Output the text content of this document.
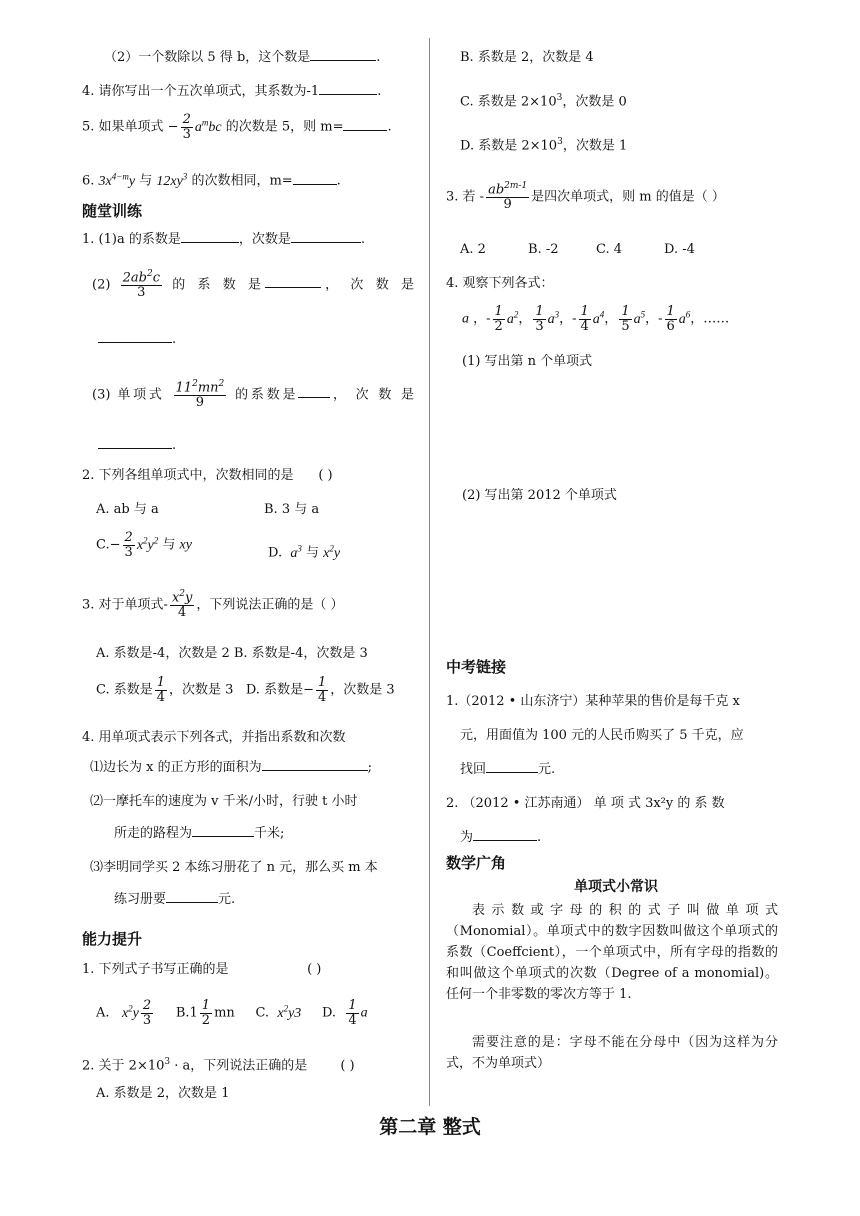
（2）一个数除以 5 得 b，这个数是	.
4. 请你写出一个五次单项式，其系数为-1	.
5. 如果单项式 − $\frac{2}{3} a^mbc$ 的次数是 5，则 m=	.
6. $3x^{4-m}y$ 与 $12xy^3$ 的次数相同，m=	.
随堂训练
1. (1)a 的系数是	，次数是	.
$(2) \frac{2ab^2c}{3}$ 的 系 数 是	， 次 数 是
.
(3) 单项式 $\frac{11^2mn^2}{9}$ 的系数是 ， 次 数 是
.
2. 下列各组单项式中，次数相同的是 ( )
A. ab 与 a	B. 3 与 a
$C.- \frac{2}{3} x^2y^2$ 与 xy
D. $a^3$ 与 $x^2y$
3. 对于单项式- $\frac{x^2y}{4}$ ，下列说法正确的是（ ）
A. 系数是-4，次数是 2 B. 系数是-4，次数是 3
C. 系数是 $\frac{1}{4}$ ，次数是 3 D. 系数是− $\frac{1}{4}$ ，次数是 3
4. 用单项式表示下列各式，并指出系数和次数
⑴边长为 x 的正方形的面积为	;
⑵一摩托车的速度为 v 千米/小时，行驶 t 小时
所走的路程为	千米;
⑶李明同学买 2 本练习册花了 n 元，那么买 m 本
练习册要	元.
能力提升
1. 下列式子书写正确的是	( )
A. $x^2y \frac{2}{3} B.1 \frac{1}{2}$ mn C. $x^2y3$ D. $\frac{1}{4}$ a
2. 关于 $2\times 10^3 \cdot a$，下列说法正确的是	( )
A. 系数是 2，次数是 1
B. 系数是 2，次数是 4
C. 系数是 $2\times 10^3$，次数是 0
D. 系数是 $2\times 10^3$，次数是 1
3. 若 - $\frac{ab^{2m-1}}{9}$ 是四次单项式，则 m 的值是（ ）
A. 2	B. -2	C. 4	D. -4
4. 观察下列各式：
a ，- $\frac{1}{2} a^2$， $\frac{1}{3} a^3$，- $\frac{1}{4} a^4$， $\frac{1}{5} a^5$，- $\frac{1}{6} a^6$，……
(1) 写出第 n 个单项式
(2) 写出第 2012 个单项式
中考链接
1.（2012 • 山东济宁）某种苹果的售价是每千克 x
元，用面值为 100 元的人民币购买了 5 千克，应
找回	元.
2. （2012 • 江苏南通） 单 项 式 3x²y 的 系 数
为	.
数学广角
单项式小常识
表示数或字母的积的式子叫做单项式（Monomial）。单项式中的数字因数叫做这个单项式的系数（Coeffcient），一个单项式中，所有字母的指数的和叫做这个单项式的次数（Degree of a monomial)。任何一个非零数的零次方等于 1.
需要注意的是：字母不能在分母中（因为这样为分式，不为单项式）
第二章 整式
